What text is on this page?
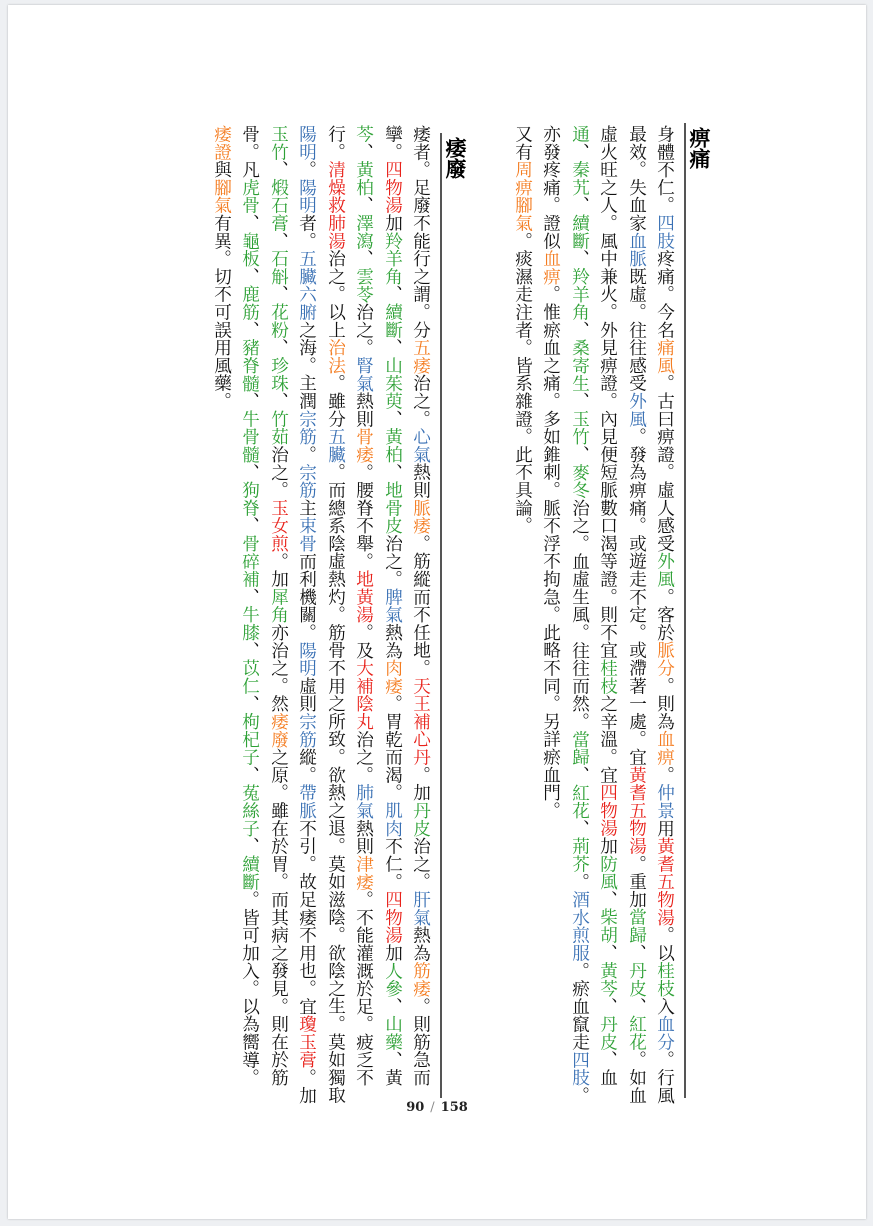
痹痛
身體不仁。四肢疼痛。今名痛風。古曰痹證。虛人感受外風。客於脈分。則為血痹。仲景用黃耆五物湯。以桂枝入血分。行風
最效。失血家血脈既虛。往往感受外風。發為痹痛。或遊走不定。或滯著一處。宜黃耆五物湯。重加當歸、丹皮、紅花。如血
虛火旺之人。風中兼火。外見痹證。內見便短脈數口渴等證。則不宜桂枝之辛溫。宜四物湯加防風、柴胡、黃芩、丹皮、血
通、秦艽、續斷、羚羊角、桑寄生、玉竹、麥冬治之。血虛生風。往往而然。當歸、紅花、荊芥。酒水煎服。瘀血竄走四肢。
亦發疼痛。證似血痹。惟瘀血之痛。多如錐刺。脈不浮不拘急。此略不同。另詳瘀血門。
又有周痹腳氣。痰濕走注者。皆系雜證。此不具論。
痿廢
痿者。足廢不能行之謂。分五痿治之。心氣熱則脈痿。筋縱而不任地。天王補心丹。加丹皮治之。肝氣熱為筋痿。則筋急而
攣。四物湯加羚羊角、續斷、山茱萸、黃柏、地骨皮治之。脾氣熱為肉痿。胃乾而渴。肌肉不仁。四物湯加人參、山藥、黃
芩、黃柏、澤瀉、雲苓治之。腎氣熱則骨痿。腰脊不舉。地黃湯。及大補陰丸治之。肺氣熱則津痿。不能灌溉於足。疲乏不
行。清燥救肺湯治之。以上治法。雖分五臟。而總系陰虛熱灼。筋骨不用之所致。欲熱之退。莫如滋陰。欲陰之生。莫如獨取
陽明。陽明者。五臟六腑之海。主潤宗筋。宗筋主束骨而利機關。陽明虛則宗筋縱。帶脈不引。故足痿不用也。宜瓊玉膏。加
玉竹、煅石膏、石斛、花粉、珍珠、竹茹治之。玉女煎。加犀角亦治之。然痿廢之原。雖在於胃。而其病之發見。則在於筋
骨。凡虎骨、龜板、鹿筋、豬脊髓、牛骨髓、狗脊、骨碎補、牛膝、苡仁、枸杞子、菟絲子、續斷。皆可加入。以為嚮導。
痿證與腳氣有異。切不可誤用風藥。
90 / 158
